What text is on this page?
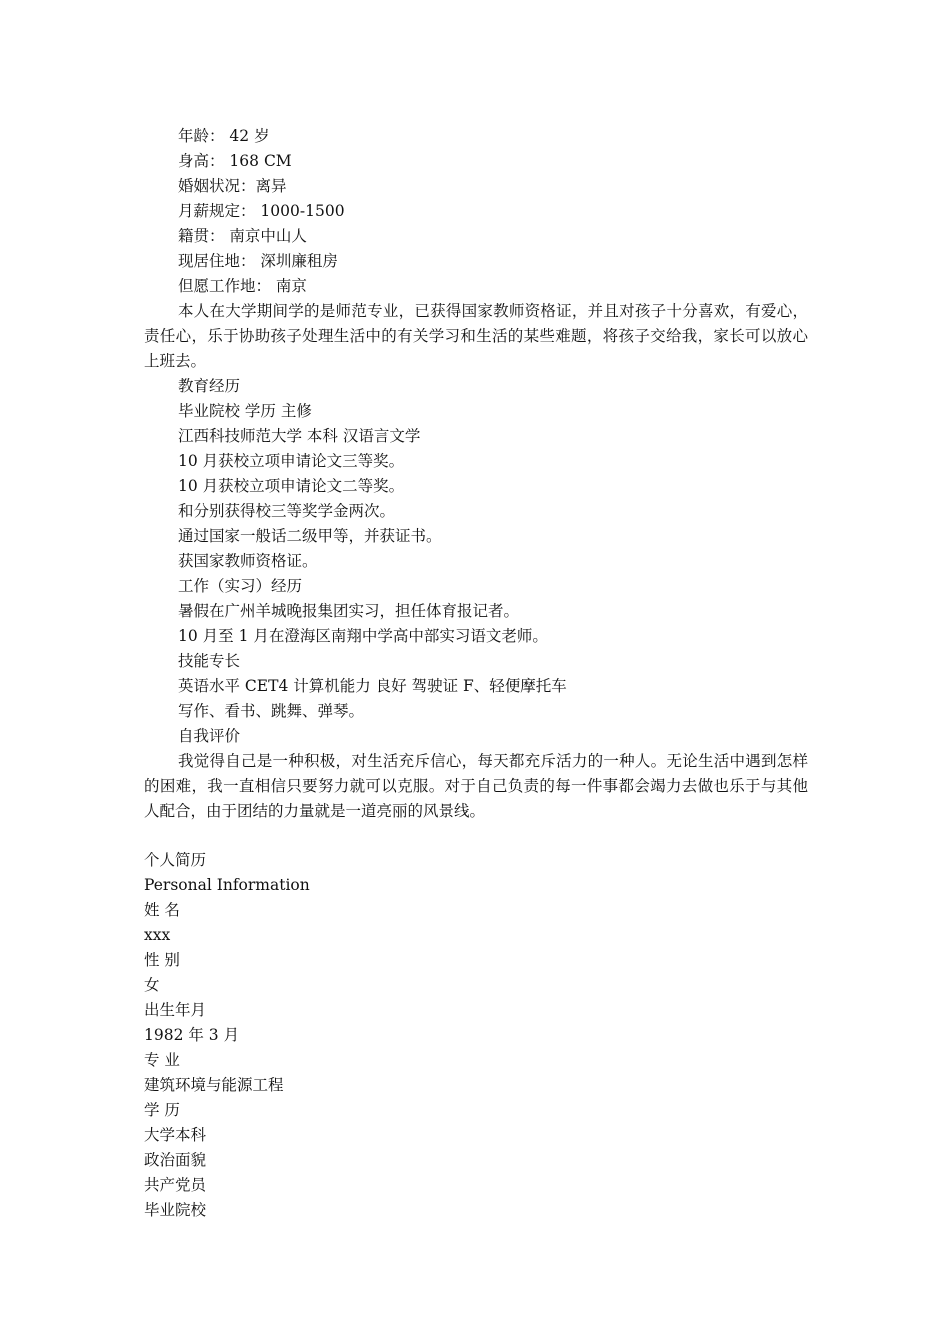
年龄： 42 岁

身高： 168 CM

婚姻状况：离异

月薪规定： 1000-1500

籍贯： 南京中山人

现居住地： 深圳廉租房

但愿工作地： 南京

本人在大学期间学的是师范专业，已获得国家教师资格证，并且对孩子十分喜欢，有爱心，责任心，乐于协助孩子处理生活中的有关学习和生活的某些难题，将孩子交给我，家长可以放心上班去。

教育经历

毕业院校 学历 主修

江西科技师范大学 本科 汉语言文学

10 月获校立项申请论文三等奖。

10 月获校立项申请论文二等奖。

和分别获得校三等奖学金两次。

通过国家一般话二级甲等，并获证书。

获国家教师资格证。

工作（实习）经历

暑假在广州羊城晚报集团实习，担任体育报记者。

10 月至 1 月在澄海区南翔中学高中部实习语文老师。

技能专长

英语水平 CET4 计算机能力 良好 驾驶证 F、轻便摩托车

写作、看书、跳舞、弹琴。

自我评价

我觉得自己是一种积极，对生活充斥信心，每天都充斥活力的一种人。无论生活中遇到怎样的困难，我一直相信只要努力就可以克服。对于自己负责的每一件事都会竭力去做也乐于与其他人配合，由于团结的力量就是一道亮丽的风景线。

个人简历

Personal Information

姓 名

xxx

性 别

女

出生年月

1982 年 3 月

专 业

建筑环境与能源工程

学 历

大学本科

政治面貌

共产党员

毕业院校
